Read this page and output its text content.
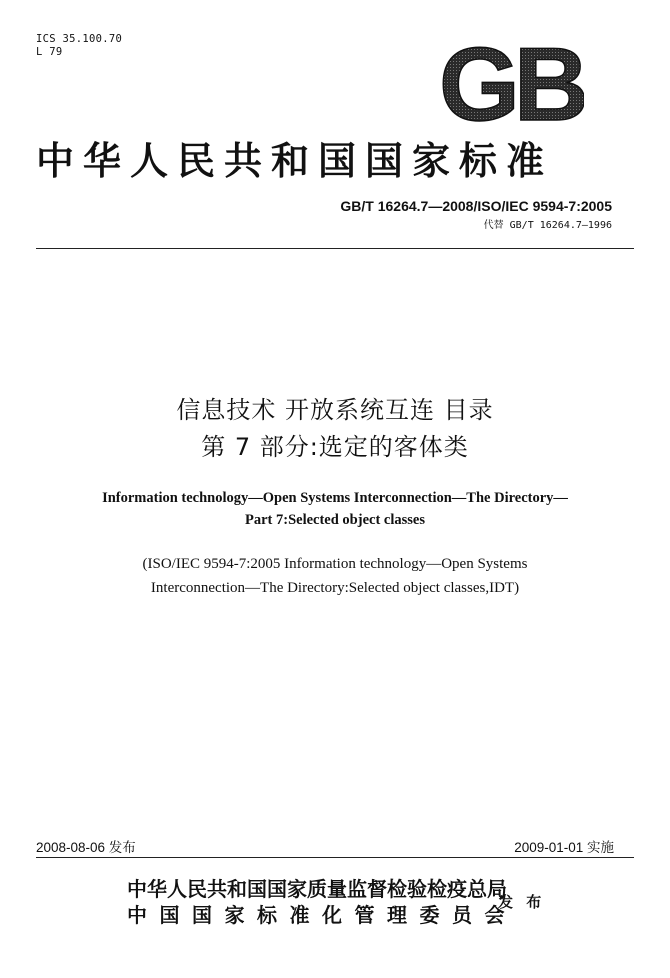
ICS 35.100.70
L 79	GB
中华人民共和国国家标准
GB/T 16264.7—2008/ISO/IEC 9594-7:2005
代替 GB/T 16264.7—1996
信息技术 开放系统互连 目录
第 7 部分:选定的客体类
Information technology—Open Systems Interconnection—The Directory—
Part 7:Selected object classes
(ISO/IEC 9594-7:2005 Information technology—Open Systems
Interconnection—The Directory:Selected object classes,IDT)
2008-08-06 发布	2009-01-01 实施
中华人民共和国国家质量监督检验检疫总局
中国国家标准化管理委员会
发 布
